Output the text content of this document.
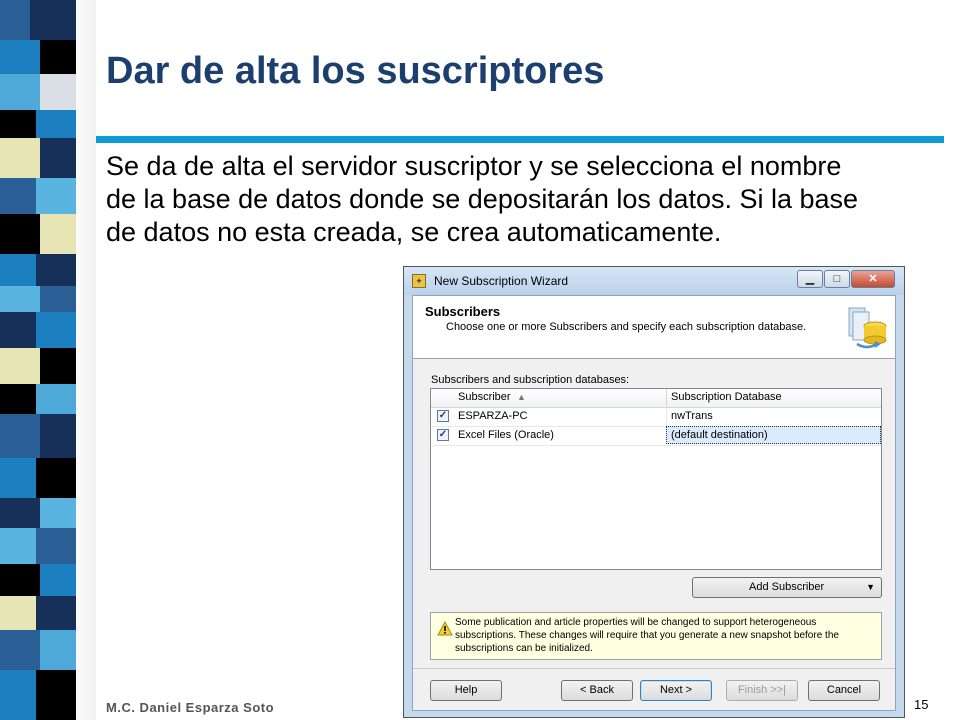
Dar de alta los suscriptores

Se da de alta el servidor suscriptor y se selecciona el nombre de la base de datos donde se depositarán los datos. Si la base de datos no esta creada, se crea automaticamente.

✦ New Subscription Wizard	▁	□	✕
Subscribers
Choose one or more Subscribers and specify each subscription database.
Subscribers and subscription databases:
Subscriber ▲	Subscription Database
✓ ESPARZA-PC	nwTrans
✓ Excel Files (Oracle)	(default destination)
Add Subscriber	▼

Some publication and article properties will be changed to support heterogeneous subscriptions. These changes will require that you generate a new snapshot before the subscriptions can be initialized.

Help	< Back	Next >	Finish >>|	Cancel
M.C. Daniel Esparza Soto	15
